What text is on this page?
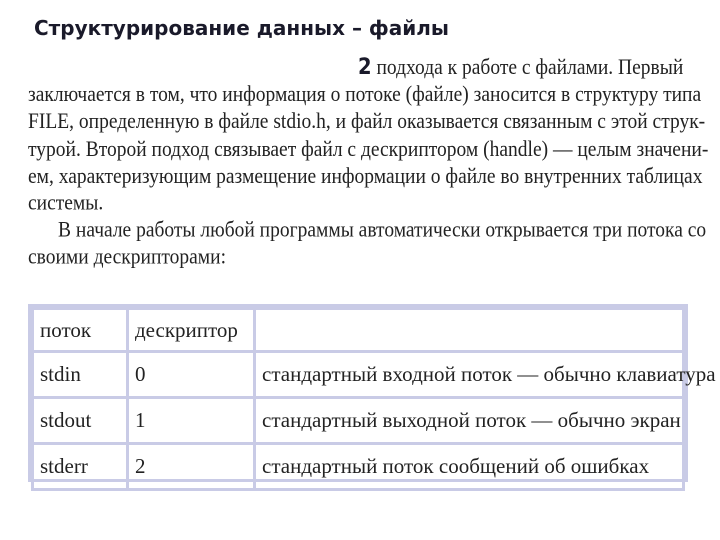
Структурирование данных – файлы
2 подхода к работе с файлами. Первый
заключается в том, что информация о потоке (файле) заносится в структуру типа
FILE, определенную в файле stdio.h, и файл оказывается связанным с этой струк-
турой. Второй подход связывает файл с дескриптором (handle) — целым значени-
ем, характеризующим размещение информации о файле во внутренних таблицах
системы.
В начале работы любой программы автоматически открывается три потока со
своими дескрипторами:
поток	дескриптор	
stdin	0	стандартный входной поток — обычно клавиатура
stdout	1	стандартный выходной поток — обычно экран
stderr	2	стандартный поток сообщений об ошибках
